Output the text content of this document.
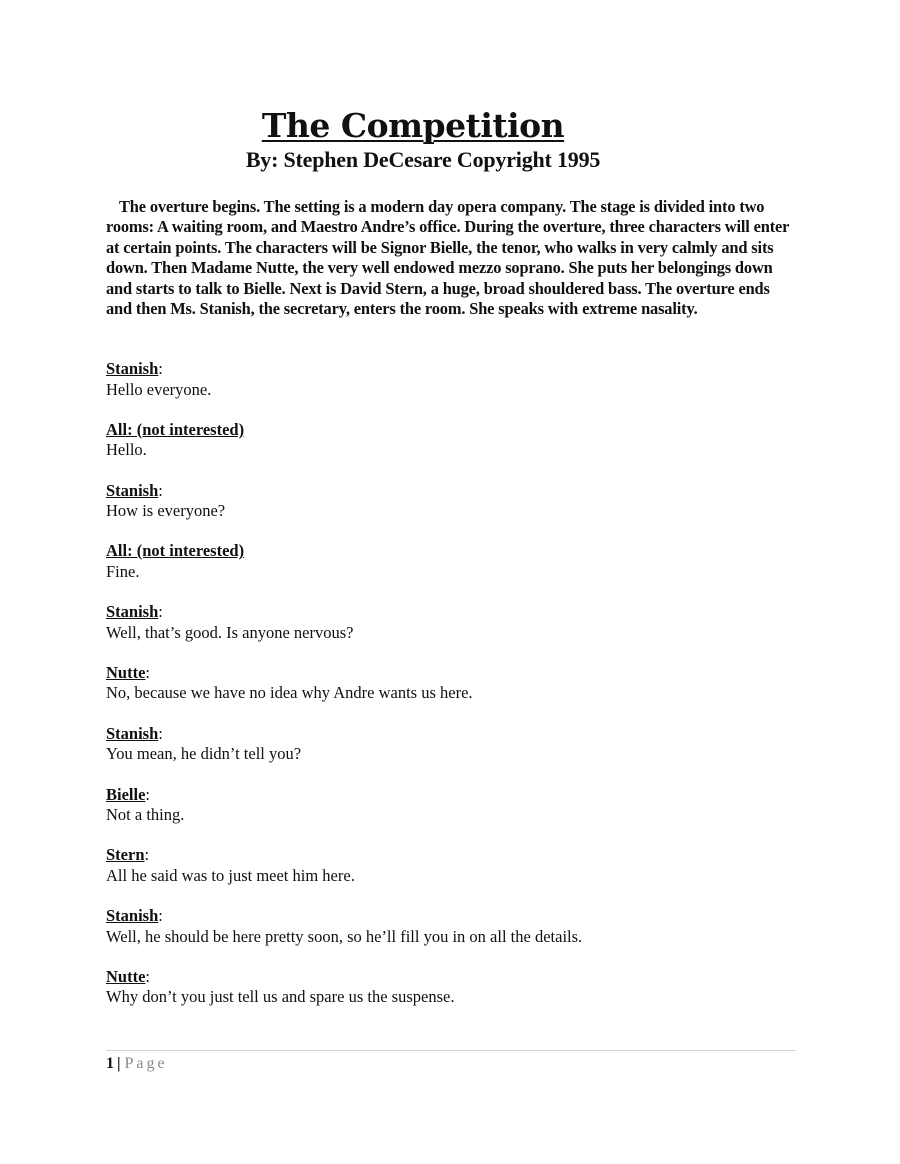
The Competition
By: Stephen DeCesare Copyright 1995

The overture begins. The setting is a modern day opera company. The stage is divided into two rooms: A waiting room, and Maestro Andre’s office. During the overture, three characters will enter at certain points. The characters will be Signor Bielle, the tenor, who walks in very calmly and sits down. Then Madame Nutte, the very well endowed mezzo soprano. She puts her belongings down and starts to talk to Bielle. Next is David Stern, a huge, broad shouldered bass. The overture ends and then Ms. Stanish, the secretary, enters the room. She speaks with extreme nasality.

Stanish:
Hello everyone.
All: (not interested)
Hello.
Stanish:
How is everyone?
All: (not interested)
Fine.
Stanish:
Well, that’s good. Is anyone nervous?
Nutte:
No, because we have no idea why Andre wants us here.
Stanish:
You mean, he didn’t tell you?
Bielle:
Not a thing.
Stern:
All he said was to just meet him here.
Stanish:
Well, he should be here pretty soon, so he’ll fill you in on all the details.
Nutte:
Why don’t you just tell us and spare us the suspense.
1 | Page
